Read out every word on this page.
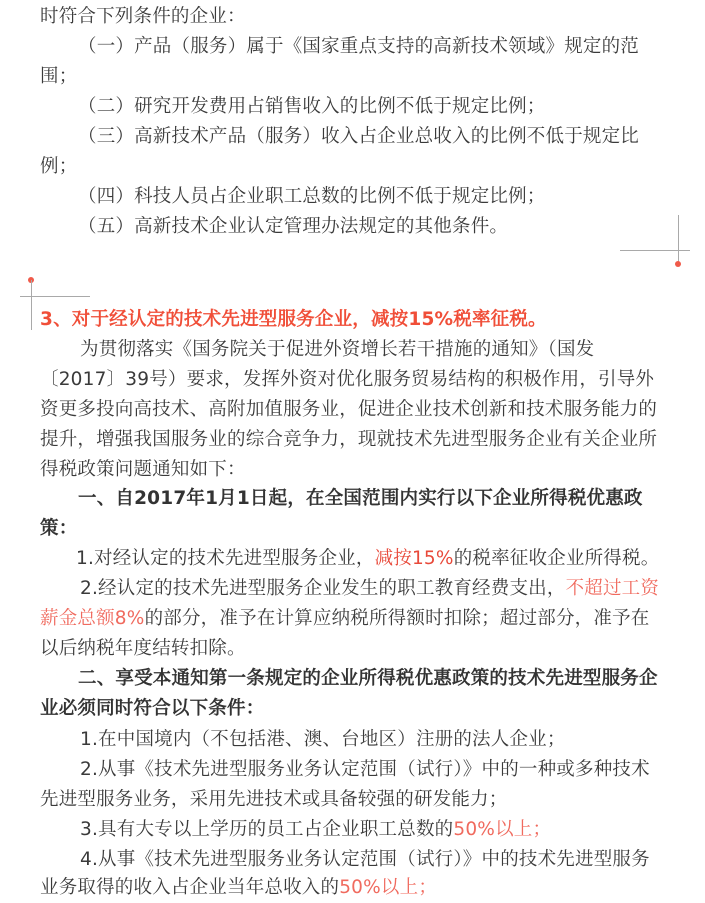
时符合下列条件的企业：
（一）产品（服务）属于《国家重点支持的高新技术领域》规定的范
围；
（二）研究开发费用占销售收入的比例不低于规定比例；
（三）高新技术产品（服务）收入占企业总收入的比例不低于规定比
例；
（四）科技人员占企业职工总数的比例不低于规定比例；
（五）高新技术企业认定管理办法规定的其他条件。
3、对于经认定的技术先进型服务企业，减按15%税率征税。
为贯彻落实《国务院关于促进外资增长若干措施的通知》（国发
〔2017〕39号）要求，发挥外资对优化服务贸易结构的积极作用，引导外
资更多投向高技术、高附加值服务业，促进企业技术创新和技术服务能力的
提升，增强我国服务业的综合竞争力，现就技术先进型服务企业有关企业所
得税政策问题通知如下：
一、自2017年1月1日起，在全国范围内实行以下企业所得税优惠政
策：
1.对经认定的技术先进型服务企业，减按15%的税率征收企业所得税。
2.经认定的技术先进型服务企业发生的职工教育经费支出，不超过工资
薪金总额8%的部分，准予在计算应纳税所得额时扣除；超过部分，准予在
以后纳税年度结转扣除。
二、享受本通知第一条规定的企业所得税优惠政策的技术先进型服务企
业必须同时符合以下条件：
1.在中国境内（不包括港、澳、台地区）注册的法人企业；
2.从事《技术先进型服务业务认定范围（试行）》中的一种或多种技术
先进型服务业务，采用先进技术或具备较强的研发能力；
3.具有大专以上学历的员工占企业职工总数的50%以上；
4.从事《技术先进型服务业务认定范围（试行）》中的技术先进型服务
业务取得的收入占企业当年总收入的50%以上；
